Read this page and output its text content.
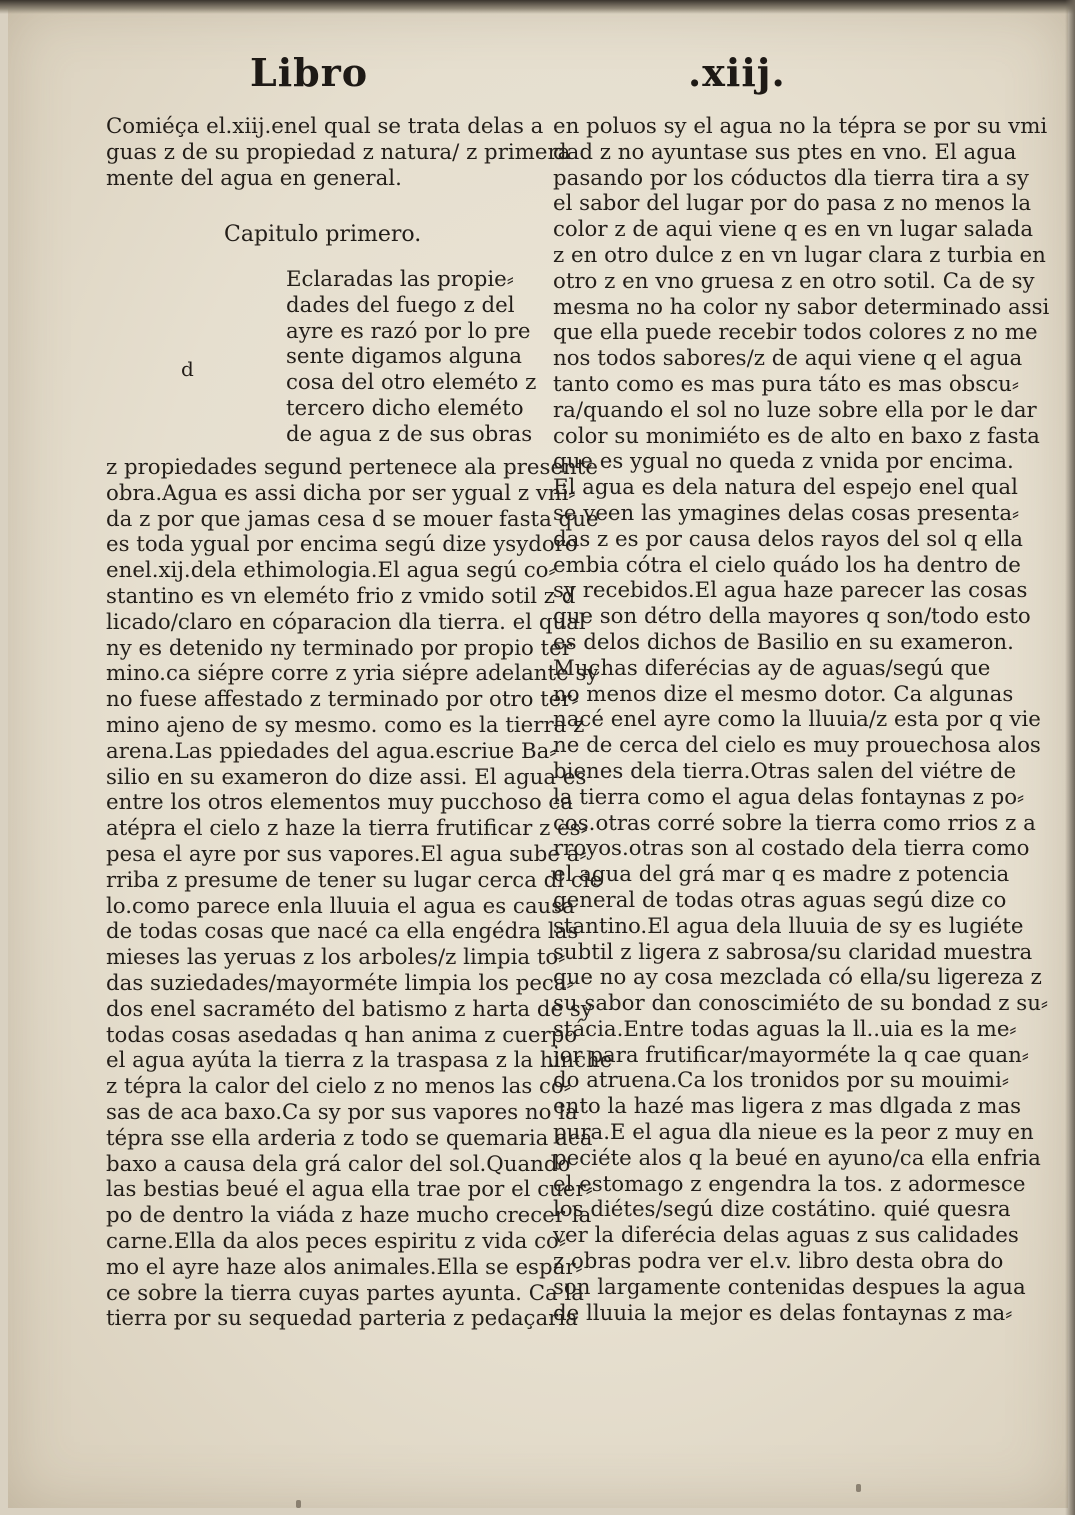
Libro	.xiij.
Comiéça el.xiij.enel qual se trata delas a
guas z de su propiedad z natura/ z primera
mente del agua en general.
Capitulo primero.
d
Eclaradas las propie⸗
dades del fuego z del
ayre es razó por lo pre
sente digamos alguna
cosa del otro eleméto z
tercero dicho eleméto
de agua z de sus obras
z propiedades segund pertenece ala presente
obra.Agua es assi dicha por ser ygual z vni⸗
da z por que jamas cesa d se mouer fasta que
es toda ygual por encima segú dize ysydoro
enel.xij.dela ethimologia.El agua segú co⸗
stantino es vn eleméto frio z vmido sotil z d
licado/claro en cóparacion dla tierra. el qual
ny es detenido ny terminado por propio ter
mino.ca siépre corre z yria siépre adelante sy
no fuese affestado z terminado por otro ter⸗
mino ajeno de sy mesmo. como es la tierra z
arena.Las ppiedades del agua.escriue Ba⸗
silio en su exameron do dize assi. El agua es
entre los otros elementos muy pucchoso ca
atépra el cielo z haze la tierra frutificar z es⸗
pesa el ayre por sus vapores.El agua sube a⸗
rriba z presume de tener su lugar cerca dl cie
lo.como parece enla lluuia el agua es causa
de todas cosas que nacé ca ella engédra las
mieses las yeruas z los arboles/z limpia to⸗
das suziedades/mayorméte limpia los peca⸗
dos enel sacraméto del batismo z harta de sy
todas cosas asedadas q han anima z cuerpo
el agua ayúta la tierra z la traspasa z la hinche
z tépra la calor del cielo z no menos las co⸗
sas de aca baxo.Ca sy por sus vapores no la
tépra sse ella arderia z todo se quemaria aca
baxo a causa dela grá calor del sol.Quando
las bestias beué el agua ella trae por el cuer⸗
po de dentro la viáda z haze mucho crecer la
carne.Ella da alos peces espiritu z vida co⸗
mo el ayre haze alos animales.Ella se espar⸗
ce sobre la tierra cuyas partes ayunta. Ca la
tierra por su sequedad parteria z pedaçaria
en poluos sy el agua no la tépra se por su vmi
dad z no ayuntase sus ptes en vno. El agua
pasando por los cóductos dla tierra tira a sy
el sabor del lugar por do pasa z no menos la
color z de aqui viene q es en vn lugar salada
z en otro dulce z en vn lugar clara z turbia en
otro z en vno gruesa z en otro sotil. Ca de sy
mesma no ha color ny sabor determinado assi
que ella puede recebir todos colores z no me
nos todos sabores/z de aqui viene q el agua
tanto como es mas pura táto es mas obscu⸗
ra/quando el sol no luze sobre ella por le dar
color su monimiéto es de alto en baxo z fasta
que es ygual no queda z vnida por encima.
El agua es dela natura del espejo enel qual
se veen las ymagines delas cosas presenta⸗
das z es por causa delos rayos del sol q ella
embia cótra el cielo quádo los ha dentro de
sy recebidos.El agua haze parecer las cosas
que son détro della mayores q son/todo esto
es delos dichos de Basilio en su exameron.
Muchas diferécias ay de aguas/segú que
no menos dize el mesmo dotor. Ca algunas
nacé enel ayre como la lluuia/z esta por q vie
ne de cerca del cielo es muy prouechosa alos
bienes dela tierra.Otras salen del viétre de
la tierra como el agua delas fontaynas z po⸗
cos.otras corré sobre la tierra como rrios z a
rroyos.otras son al costado dela tierra como
el agua del grá mar q es madre z potencia
general de todas otras aguas segú dize co
stantino.El agua dela lluuia de sy es lugiéte
subtil z ligera z sabrosa/su claridad muestra
que no ay cosa mezclada có ella/su ligereza z
su sabor dan conoscimiéto de su bondad z su⸗
stácia.Entre todas aguas la ll..uia es la me⸗
jor para frutificar/mayorméte la q cae quan⸗
do atruena.Ca los tronidos por su mouimi⸗
ento la hazé mas ligera z mas dlgada z mas
pura.E el agua dla nieue es la peor z muy en
peciéte alos q la beué en ayuno/ca ella enfria
el estomago z engendra la tos. z adormesce
los diétes/segú dize costátino. quié quesra
ver la diferécia delas aguas z sus calidades
z obras podra ver el.v. libro desta obra do
son largamente contenidas despues la agua
de lluuia la mejor es delas fontaynas z ma⸗
